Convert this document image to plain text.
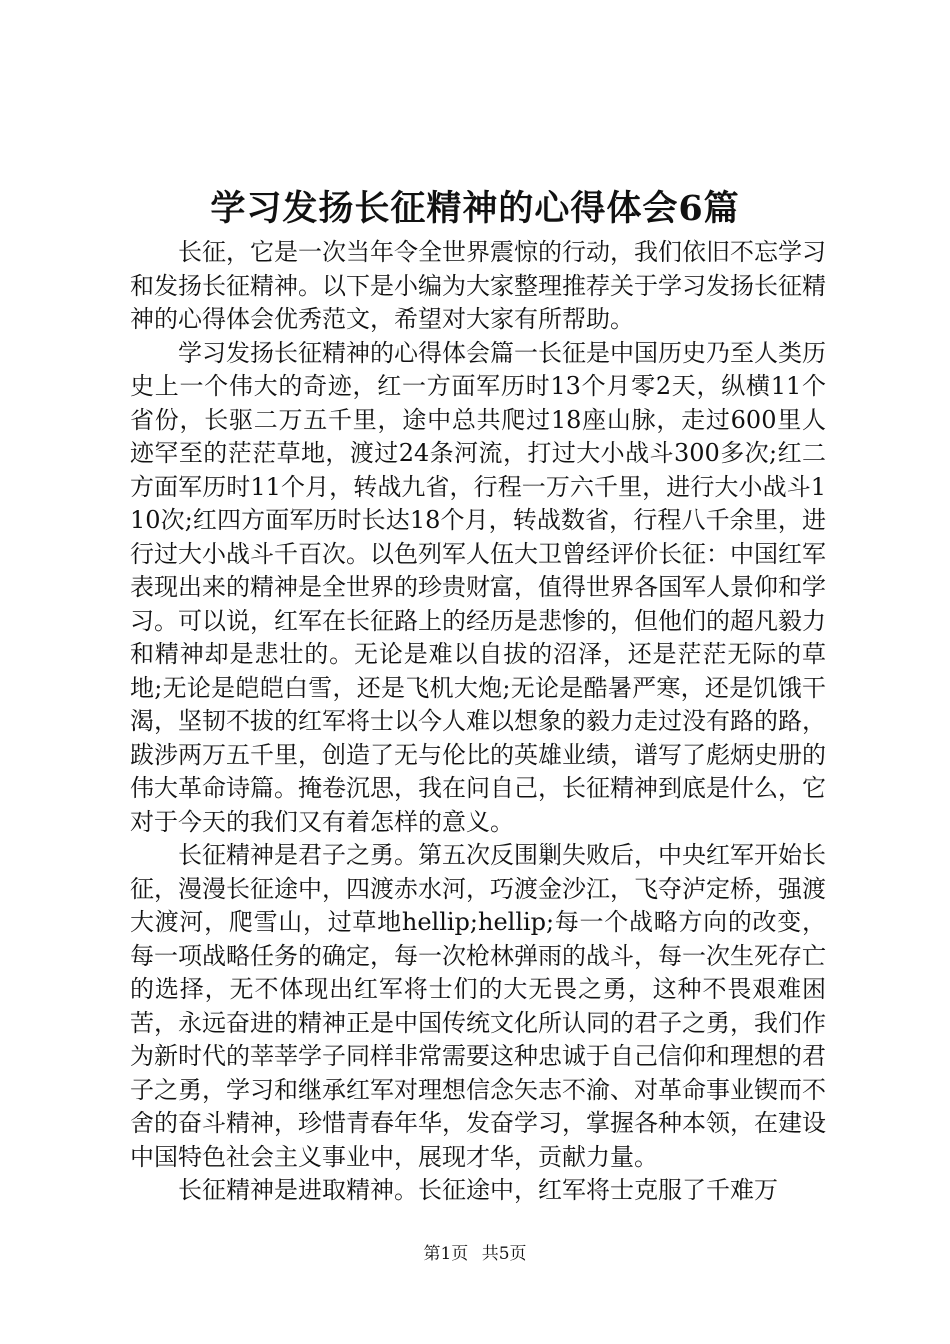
学习发扬长征精神的心得体会6篇

长征，它是一次当年令全世界震惊的行动，我们依旧不忘学习和发扬长征精神。以下是小编为大家整理推荐关于学习发扬长征精神的心得体会优秀范文，希望对大家有所帮助。

学习发扬长征精神的心得体会篇一长征是中国历史乃至人类历史上一个伟大的奇迹，红一方面军历时13个月零2天，纵横11个省份，长驱二万五千里，途中总共爬过18座山脉，走过600里人迹罕至的茫茫草地，渡过24条河流，打过大小战斗300多次;红二方面军历时11个月，转战九省，行程一万六千里，进行大小战斗110次;红四方面军历时长达18个月，转战数省，行程八千余里，进行过大小战斗千百次。以色列军人伍大卫曾经评价长征：中国红军表现出来的精神是全世界的珍贵财富，值得世界各国军人景仰和学习。可以说，红军在长征路上的经历是悲惨的，但他们的超凡毅力和精神却是悲壮的。无论是难以自拔的沼泽，还是茫茫无际的草地;无论是皑皑白雪，还是飞机大炮;无论是酷暑严寒，还是饥饿干渴，坚韧不拔的红军将士以今人难以想象的毅力走过没有路的路，跋涉两万五千里，创造了无与伦比的英雄业绩，谱写了彪炳史册的伟大革命诗篇。掩卷沉思，我在问自己，长征精神到底是什么，它对于今天的我们又有着怎样的意义。

长征精神是君子之勇。第五次反围剿失败后，中央红军开始长征，漫漫长征途中，四渡赤水河，巧渡金沙江，飞夺泸定桥，强渡大渡河，爬雪山，过草地hellip;hellip;每一个战略方向的改变，每一项战略任务的确定，每一次枪林弹雨的战斗，每一次生死存亡的选择，无不体现出红军将士们的大无畏之勇，这种不畏艰难困苦，永远奋进的精神正是中国传统文化所认同的君子之勇，我们作为新时代的莘莘学子同样非常需要这种忠诚于自己信仰和理想的君子之勇，学习和继承红军对理想信念矢志不渝、对革命事业锲而不舍的奋斗精神，珍惜青春年华，发奋学习，掌握各种本领，在建设中国特色社会主义事业中，展现才华，贡献力量。

长征精神是进取精神。长征途中，红军将士克服了千难万

第1页 共5页
